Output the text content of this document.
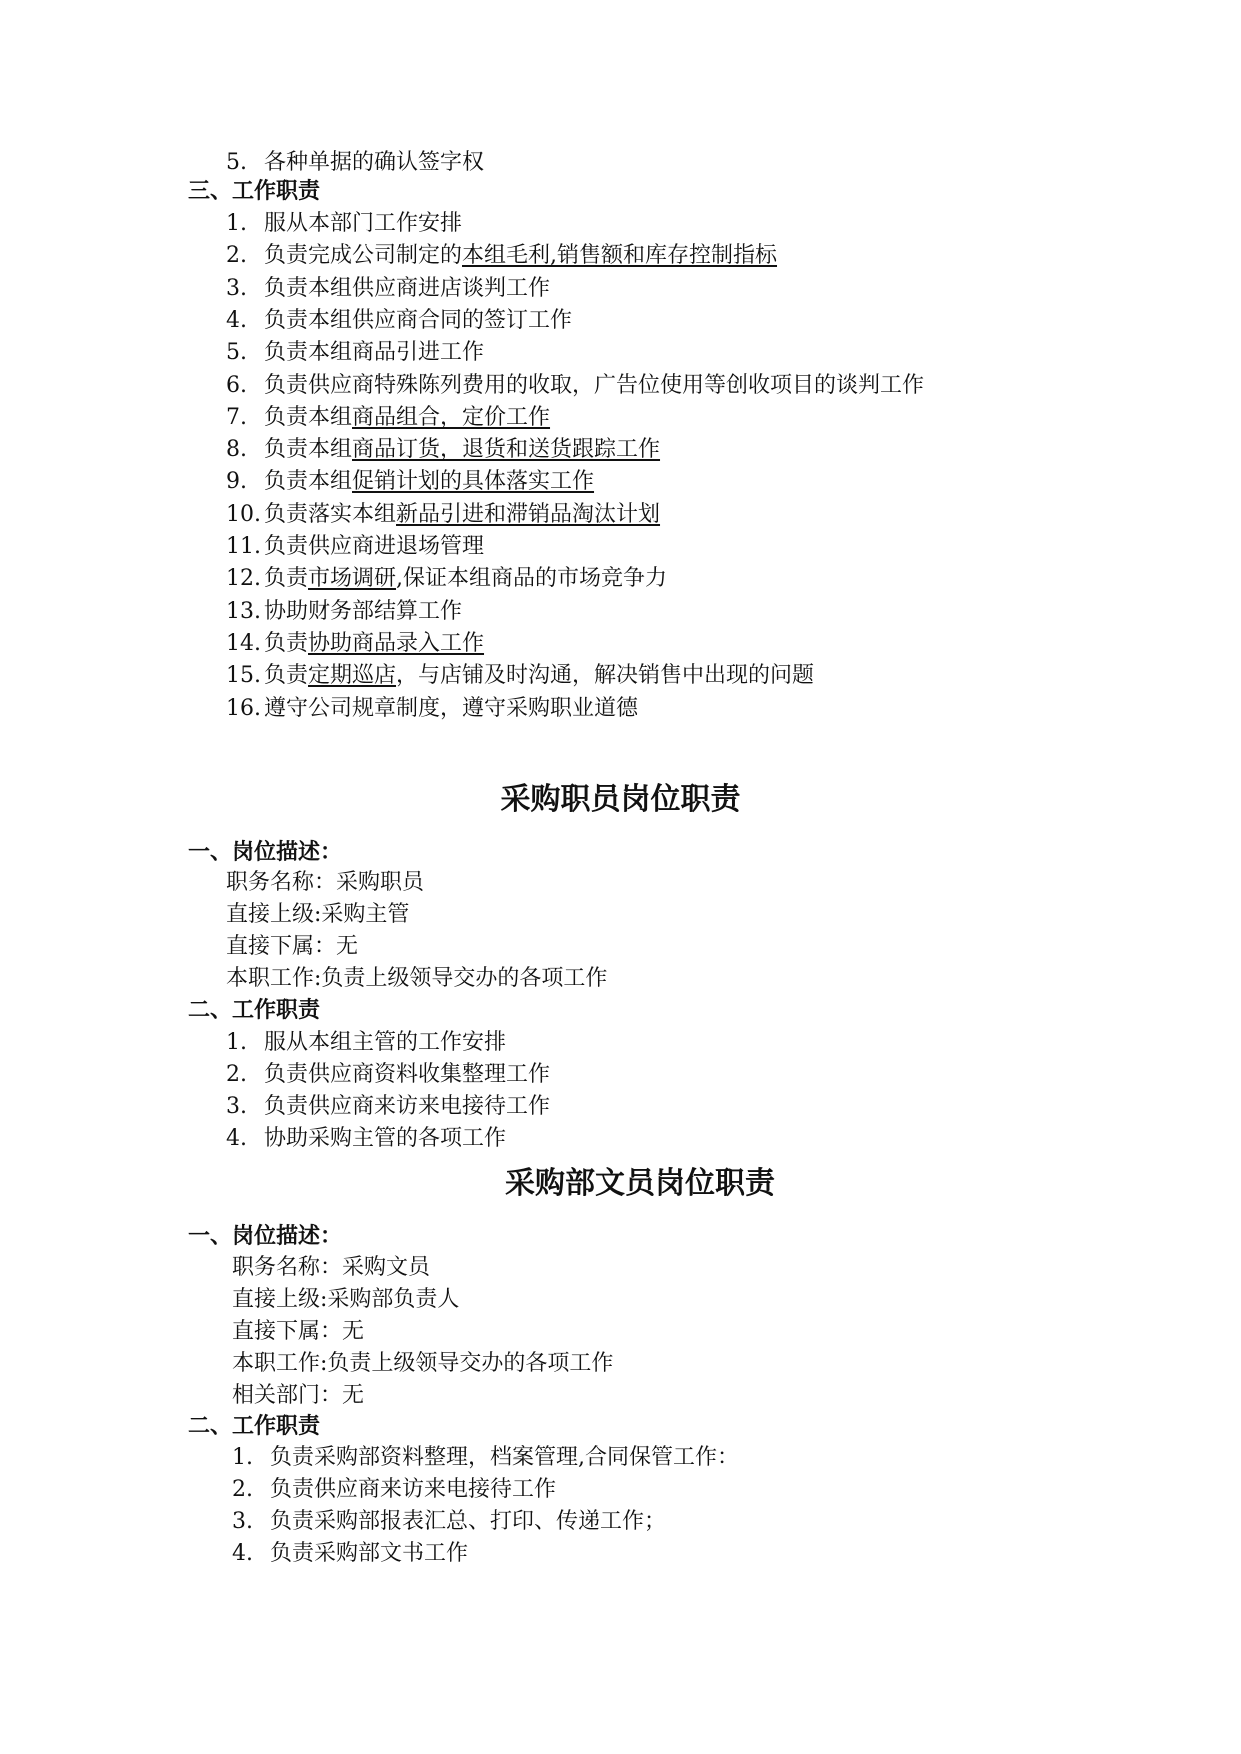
5. 各种单据的确认签字权
三、工作职责
1. 服从本部门工作安排
2. 负责完成公司制定的本组毛利,销售额和库存控制指标
3. 负责本组供应商进店谈判工作
4. 负责本组供应商合同的签订工作
5. 负责本组商品引进工作
6. 负责供应商特殊陈列费用的收取，广告位使用等创收项目的谈判工作
7. 负责本组商品组合，定价工作
8. 负责本组商品订货，退货和送货跟踪工作
9. 负责本组促销计划的具体落实工作
10. 负责落实本组新品引进和滞销品淘汰计划
11. 负责供应商进退场管理
12. 负责市场调研,保证本组商品的市场竞争力
13. 协助财务部结算工作
14. 负责协助商品录入工作
15. 负责定期巡店，与店铺及时沟通，解决销售中出现的问题
16. 遵守公司规章制度，遵守采购职业道德
采购职员岗位职责
一、岗位描述：
职务名称：采购职员
直接上级:采购主管
直接下属：无
本职工作:负责上级领导交办的各项工作
二、工作职责
1. 服从本组主管的工作安排
2. 负责供应商资料收集整理工作
3. 负责供应商来访来电接待工作
4. 协助采购主管的各项工作
采购部文员岗位职责
一、岗位描述：
职务名称：采购文员
直接上级:采购部负责人
直接下属：无
本职工作:负责上级领导交办的各项工作
相关部门：无
二、工作职责
1. 负责采购部资料整理，档案管理,合同保管工作：
2. 负责供应商来访来电接待工作
3. 负责采购部报表汇总、打印、传递工作；
4. 负责采购部文书工作
